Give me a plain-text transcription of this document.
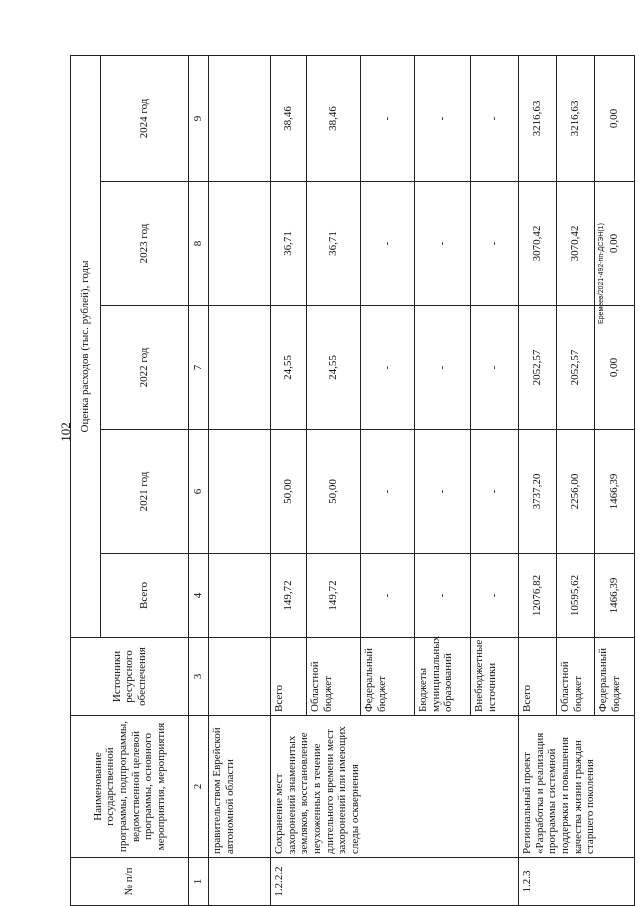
102
Еремеев/2021-492-пп-ДСЭН(1)
№ п/п	Наименование государственной программы, подпрограммы, ведомственной целевой программы, основного мероприятия, мероприятия	Источники ресурсного обеспечения	Оценка расходов (тыс. рублей), годы				
			Всего	2021 год	2022 год	2023 год	2024 год
1	2	3	4	6	7	8	9
	правительством Еврейской автономной области						
1.2.2.2	Сохранение мест захоронений знаменитых земляков, восстановление неухоженных в течение длительного времени мест захоронений или имеющих следы осквернения	Всего	149,72	50,00	24,55	36,71	38,46
		Областной бюджет	149,72	50,00	24,55	36,71	38,46
		Федеральный бюджет	-	-	-	-	-
		Бюджеты муниципальных образований	-	-	-	-	-
		Внебюджетные источники	-	-	-	-	-
1.2.3	Региональный проект «Разработка и реализация программы системной поддержки и повышения качества жизни граждан старшего поколения	Всего	12076,82	3737,20	2052,57	3070,42	3216,63
		Областной бюджет	10595,62	2256,00	2052,57	3070,42	3216,63
		Федеральный бюджет	1466,39	1466,39	0,00	0,00	0,00
